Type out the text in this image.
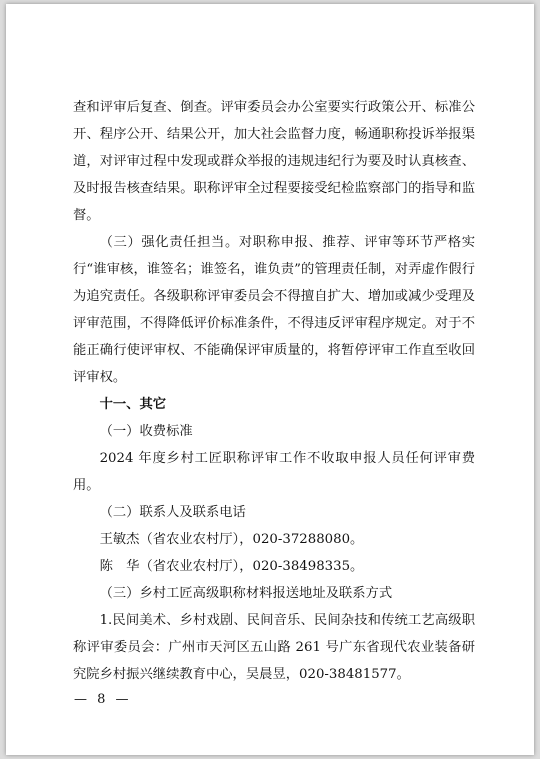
查和评审后复查、倒查。评审委员会办公室要实行政策公开、标准公开、程序公开、结果公开，加大社会监督力度，畅通职称投诉举报渠道，对评审过程中发现或群众举报的违规违纪行为要及时认真核查、及时报告核查结果。职称评审全过程要接受纪检监察部门的指导和监督。

（三）强化责任担当。对职称申报、推荐、评审等环节严格实行“谁审核，谁签名；谁签名，谁负责”的管理责任制，对弄虚作假行为追究责任。各级职称评审委员会不得擅自扩大、增加或减少受理及评审范围，不得降低评价标准条件，不得违反评审程序规定。对于不能正确行使评审权、不能确保评审质量的，将暂停评审工作直至收回评审权。

十一、其它

（一）收费标准

2024 年度乡村工匠职称评审工作不收取申报人员任何评审费用。

（二）联系人及联系电话

王敏杰（省农业农村厅），020-37288080。

陈　华（省农业农村厅），020-38498335。

（三）乡村工匠高级职称材料报送地址及联系方式

1.民间美术、乡村戏剧、民间音乐、民间杂技和传统工艺高级职称评审委员会：广州市天河区五山路 261 号广东省现代农业装备研究院乡村振兴继续教育中心，吴晨昱，020-38481577。

— 8 —
